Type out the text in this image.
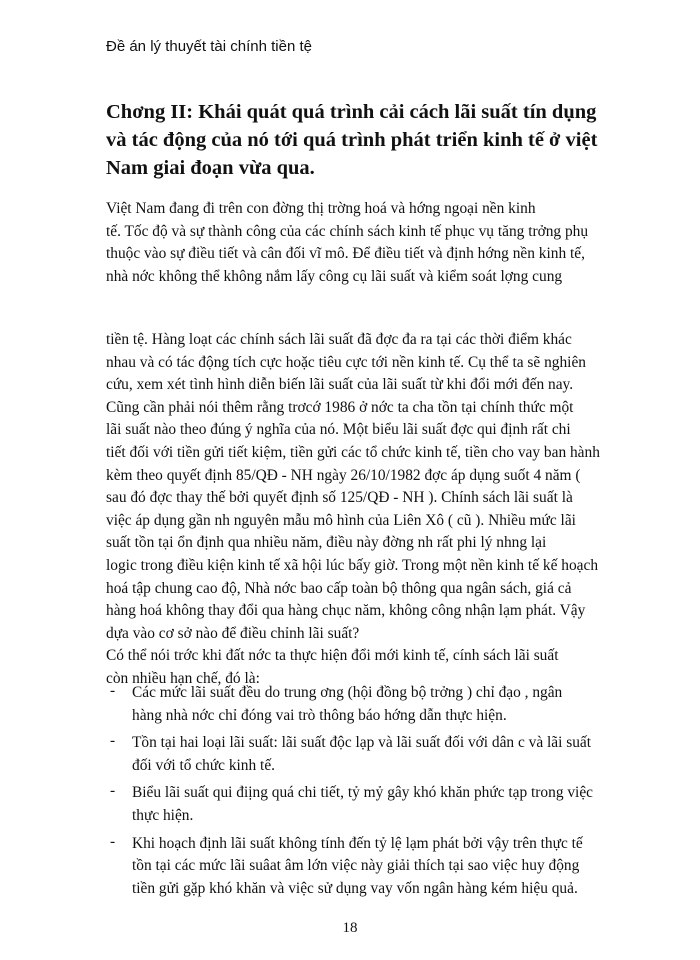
Đề án lý thuyết tài chính tiền tệ
Chơng II: Khái quát quá trình cải cách lãi suất tín dụng
và tác động của nó tới quá trình phát triển kinh tế ở việt
Nam giai đoạn vừa qua.

Việt Nam đang đi trên con đờng thị trờng hoá và hớng ngoại nền kinh
tế. Tốc độ và sự thành công của các chính sách kinh tế phục vụ tăng trởng phụ
thuộc vào sự điều tiết và cân đối vĩ mô. Để điều tiết và định hớng nền kinh tế,
nhà nớc không thể không nắm lấy công cụ lãi suất và kiểm soát lợng cung

tiền tệ. Hàng loạt các chính sách lãi suất đã đợc đa ra tại các thời điểm khác
nhau và có tác động tích cực hoặc tiêu cực tới nền kinh tế. Cụ thể ta sẽ nghiên
cứu, xem xét tình hình diễn biến lãi suất của lãi suất từ khi đổi mới đến nay.
Cũng cần phải nói thêm rằng trơcớ 1986 ở nớc ta cha tồn tại chính thức một
lãi suất nào theo đúng ý nghĩa của nó. Một biểu lãi suất đợc qui định rất chi
tiết đối với tiền gửi tiết kiệm, tiền gửi các tổ chức kinh tế, tiền cho vay ban hành
kèm theo quyết định 85/QĐ - NH ngày 26/10/1982 đợc áp dụng suốt 4 năm (
sau đó đợc thay thế bởi quyết định số 125/QĐ - NH ). Chính sách lãi suất là
việc áp dụng gần nh nguyên mẫu mô hình của Liên Xô ( cũ ). Nhiều mức lãi
suất tồn tại ổn định qua nhiều năm, điều này đờng nh rất phi lý nhng lại
logic trong điều kiện kinh tế xã hội lúc bấy giờ. Trong một nền kinh tế kế hoạch
hoá tập chung cao độ, Nhà nớc bao cấp toàn bộ thông qua ngân sách, giá cả
hàng hoá không thay đổi qua hàng chục năm, không công nhận lạm phát. Vậy
dựa vào cơ sở nào để điều chỉnh lãi suất?
Có thể nói trớc khi đất nớc ta thực hiện đổi mới kinh tế, cính sách lãi suất
còn nhiều hạn chế, đó là:

- Các mức lãi suất đều do trung ơng (hội đồng bộ trởng ) chỉ đạo , ngân
hàng nhà nớc chỉ đóng vai trò thông báo hớng dẫn thực hiện.
- Tồn tại hai loại lãi suất: lãi suất độc lạp và lãi suất đối với dân c và lãi suất
đối với tổ chức kinh tế.
- Biểu lãi suất qui điịng quá chi tiết, tỷ mỷ gây khó khăn phức tạp trong việc
thực hiện.
- Khi hoạch định lãi suất không tính đến tỷ lệ lạm phát bởi vậy trên thực tế
tồn tại các mức lãi suâat âm lớn việc này giải thích tại sao việc huy động
tiền gửi gặp khó khăn và việc sử dụng vay vốn ngân hàng kém hiệu quả.
18
